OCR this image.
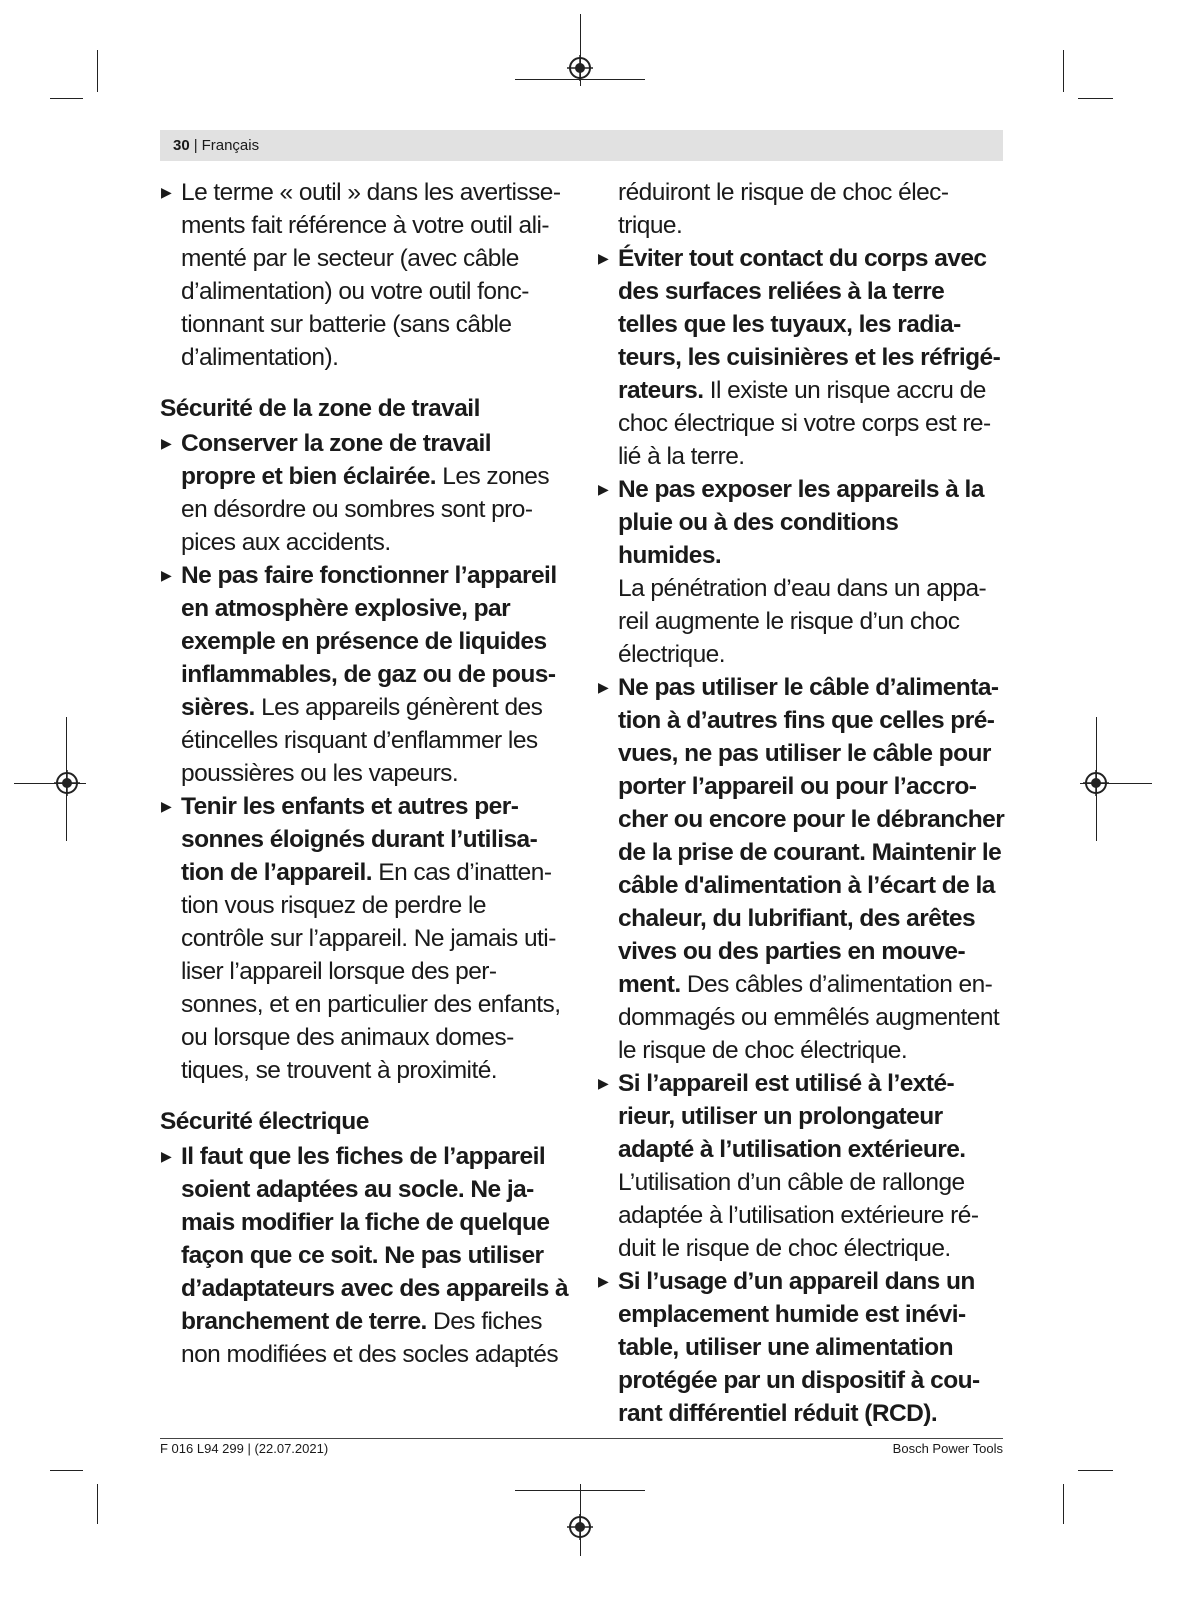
30 | Français
▶ Le terme « outil » dans les avertisse-
ments fait référence à votre outil ali-
menté par le secteur (avec câble
d’alimentation) ou votre outil fonc-
tionnant sur batterie (sans câble
d’alimentation).
Sécurité de la zone de travail
▶ Conserver la zone de travail
propre et bien éclairée. Les zones
en désordre ou sombres sont pro-
pices aux accidents.
▶ Ne pas faire fonctionner l’appareil
en atmosphère explosive, par
exemple en présence de liquides
inflammables, de gaz ou de pous-
sières. Les appareils génèrent des
étincelles risquant d’enflammer les
poussières ou les vapeurs.
▶ Tenir les enfants et autres per-
sonnes éloignés durant l’utilisa-
tion de l’appareil. En cas d’inatten-
tion vous risquez de perdre le
contrôle sur l’appareil. Ne jamais uti-
liser l’appareil lorsque des per-
sonnes, et en particulier des enfants,
ou lorsque des animaux domes-
tiques, se trouvent à proximité.
Sécurité électrique
▶ Il faut que les fiches de l’appareil
soient adaptées au socle. Ne ja-
mais modifier la fiche de quelque
façon que ce soit. Ne pas utiliser
d’adaptateurs avec des appareils à
branchement de terre. Des fiches
non modifiées et des socles adaptés
réduiront le risque de choc élec-
trique.
▶ Éviter tout contact du corps avec
des surfaces reliées à la terre
telles que les tuyaux, les radia-
teurs, les cuisinières et les réfrigé-
rateurs. Il existe un risque accru de
choc électrique si votre corps est re-
lié à la terre.
▶ Ne pas exposer les appareils à la
pluie ou à des conditions humides.
La pénétration d’eau dans un appa-
reil augmente le risque d’un choc
électrique.
▶ Ne pas utiliser le câble d’alimenta-
tion à d’autres fins que celles pré-
vues, ne pas utiliser le câble pour
porter l’appareil ou pour l’accro-
cher ou encore pour le débrancher
de la prise de courant. Maintenir le
câble d'alimentation à l’écart de la
chaleur, du lubrifiant, des arêtes
vives ou des parties en mouve-
ment. Des câbles d’alimentation en-
dommagés ou emmêlés augmentent
le risque de choc électrique.
▶ Si l’appareil est utilisé à l’exté-
rieur, utiliser un prolongateur
adapté à l’utilisation extérieure.
L’utilisation d’un câble de rallonge
adaptée à l’utilisation extérieure ré-
duit le risque de choc électrique.
▶ Si l’usage d’un appareil dans un
emplacement humide est inévi-
table, utiliser une alimentation
protégée par un dispositif à cou-
rant différentiel réduit (RCD).
F 016 L94 299 | (22.07.2021)	Bosch Power Tools
